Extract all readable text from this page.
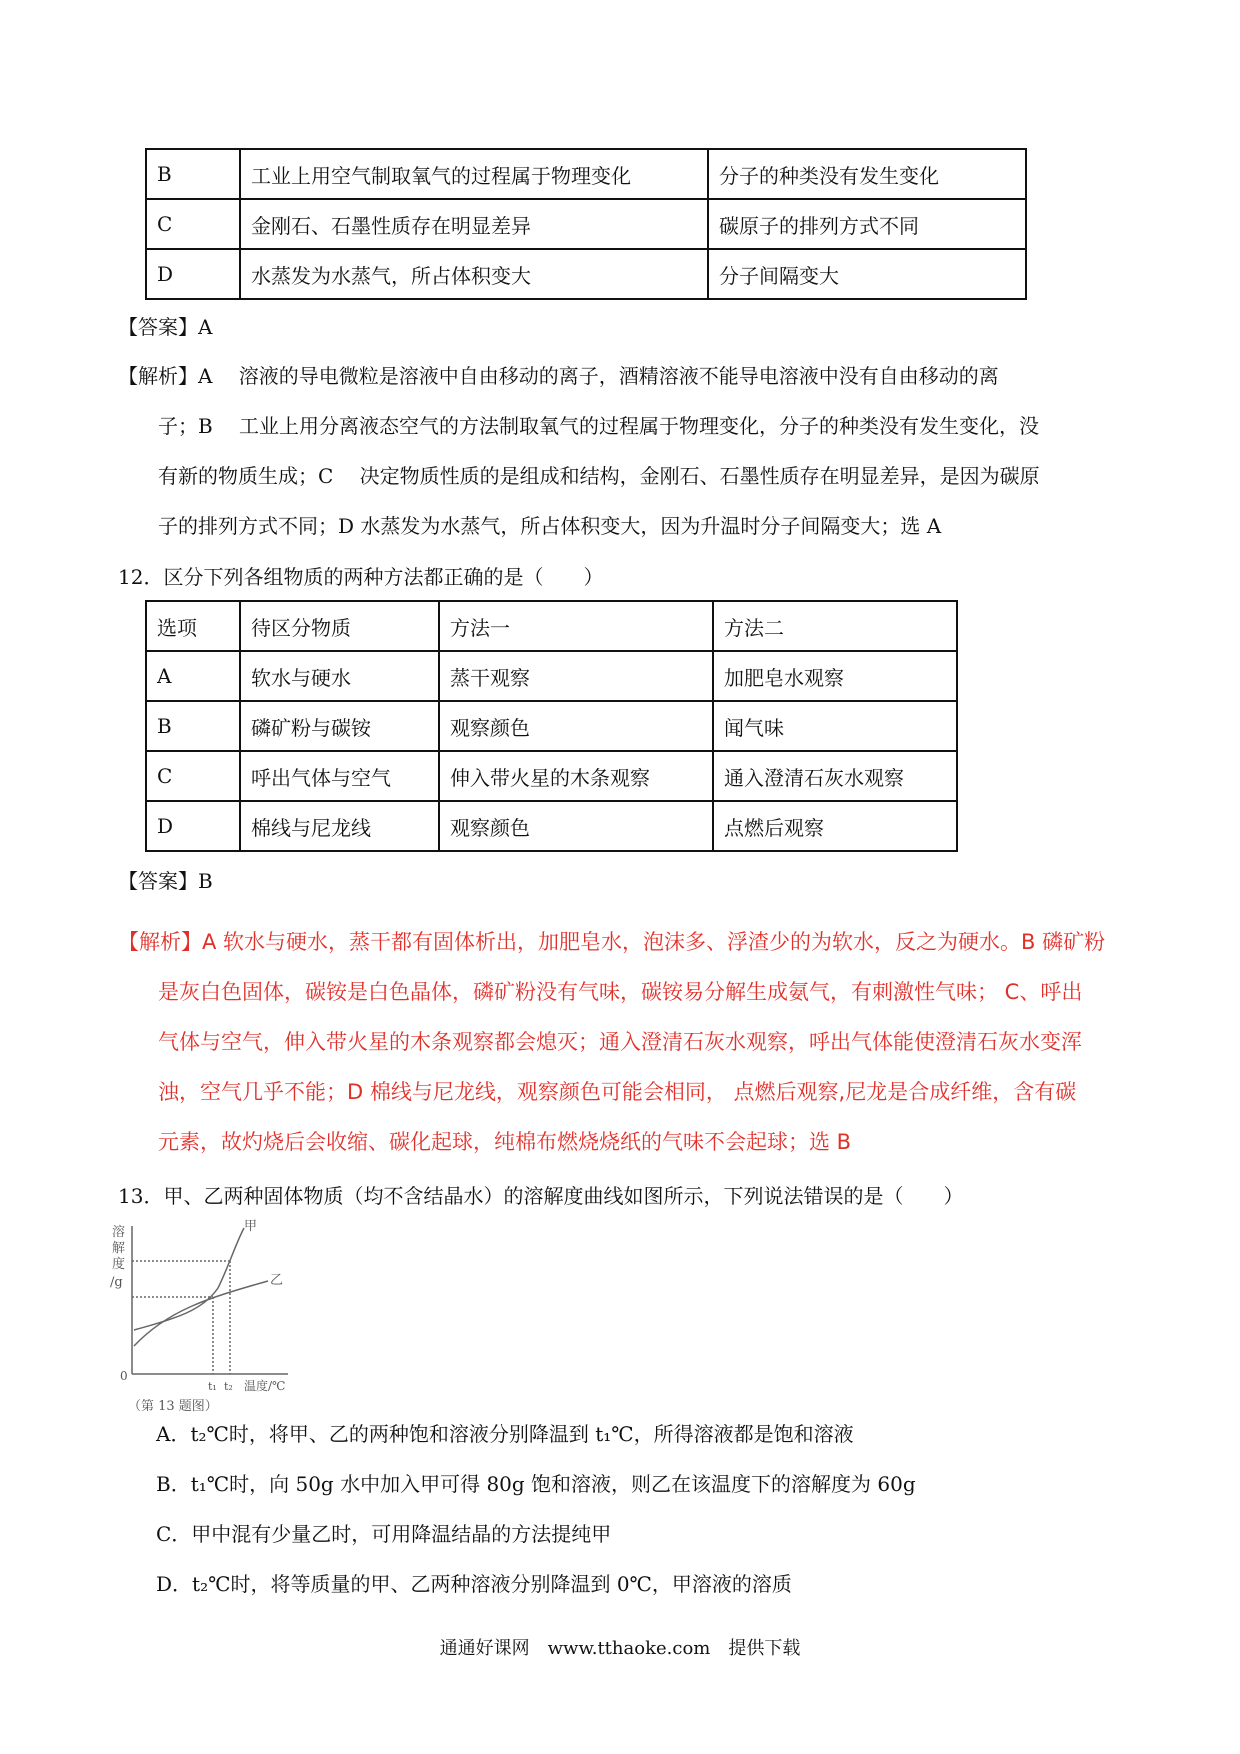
B	工业上用空气制取氧气的过程属于物理变化	分子的种类没有发生变化
C	金刚石、石墨性质存在明显差异	碳原子的排列方式不同
D	水蒸发为水蒸气，所占体积变大	分子间隔变大
【答案】A
【解析】A　 溶液的导电微粒是溶液中自由移动的离子，酒精溶液不能导电溶液中没有自由移动的离
子；B　 工业上用分离液态空气的方法制取氧气的过程属于物理变化，分子的种类没有发生变化，没
有新的物质生成；C　 决定物质性质的是组成和结构，金刚石、石墨性质存在明显差异，是因为碳原
子的排列方式不同；D 水蒸发为水蒸气，所占体积变大，因为升温时分子间隔变大；选 A
12．区分下列各组物质的两种方法都正确的是（　　）
选项	待区分物质	方法一	方法二
A	软水与硬水	蒸干观察	加肥皂水观察
B	磷矿粉与碳铵	观察颜色	闻气味
C	呼出气体与空气	伸入带火星的木条观察	通入澄清石灰水观察
D	棉线与尼龙线	观察颜色	点燃后观察
【答案】B
【解析】A 软水与硬水，蒸干都有固体析出，加肥皂水，泡沫多、浮渣少的为软水，反之为硬水。B 磷矿粉
是灰白色固体，碳铵是白色晶体，磷矿粉没有气味，碳铵易分解生成氨气，有刺激性气味； C、呼出
气体与空气，伸入带火星的木条观察都会熄灭；通入澄清石灰水观察，呼出气体能使澄清石灰水变浑
浊，空气几乎不能；D 棉线与尼龙线，观察颜色可能会相同， 点燃后观察,尼龙是合成纤维，含有碳
元素，故灼烧后会收缩、碳化起球，纯棉布燃烧烧纸的气味不会起球；选 B
13．甲、乙两种固体物质（均不含结晶水）的溶解度曲线如图所示，下列说法错误的是（　　）
溶
解
度
/g
0
甲
乙
t₁ t₂ 温度/℃
（第 13 题图）
A．t₂℃时，将甲、乙的两种饱和溶液分别降温到 t₁℃，所得溶液都是饱和溶液
B．t₁℃时，向 50g 水中加入甲可得 80g 饱和溶液，则乙在该温度下的溶解度为 60g
C．甲中混有少量乙时，可用降温结晶的方法提纯甲
D．t₂℃时，将等质量的甲、乙两种溶液分别降温到 0℃，甲溶液的溶质
通通好课网　www.tthaoke.com　提供下载
